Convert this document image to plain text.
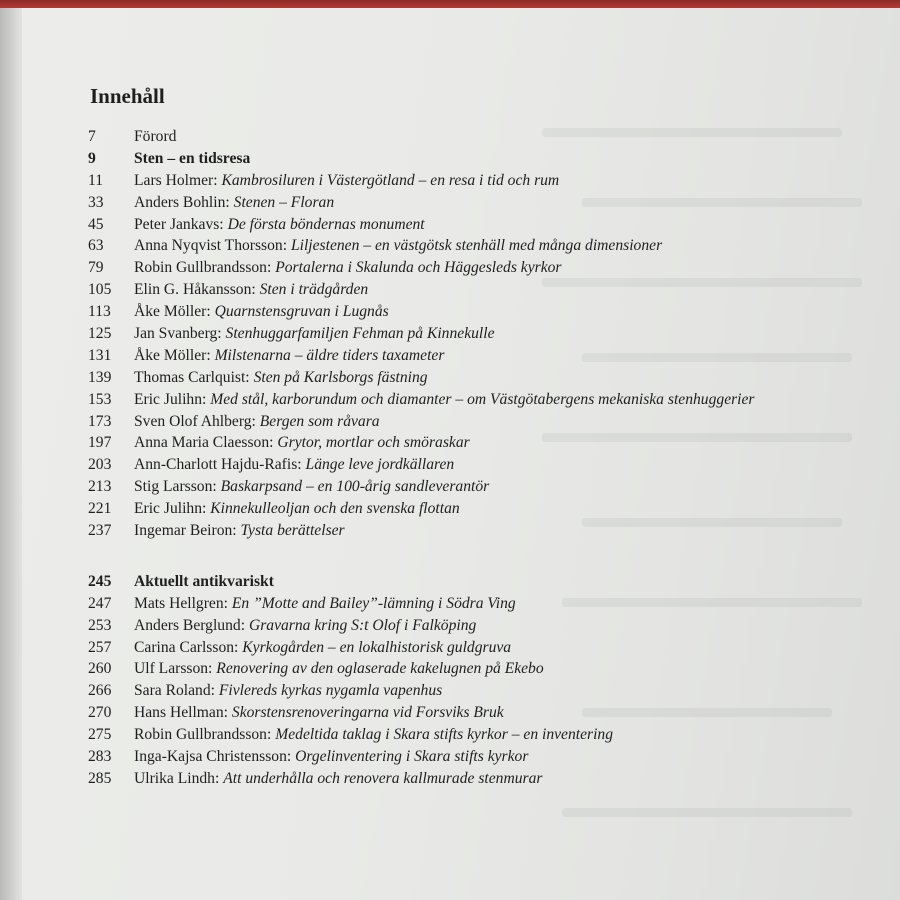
Innehåll
7 Förord
9 Sten – en tidsresa
11 Lars Holmer: Kambrosiluren i Västergötland – en resa i tid och rum
33 Anders Bohlin: Stenen – Floran
45 Peter Jankavs: De första böndernas monument
63 Anna Nyqvist Thorsson: Liljestenen – en västgötsk stenhäll med många dimensioner
79 Robin Gullbrandsson: Portalerna i Skalunda och Häggesleds kyrkor
105 Elin G. Håkansson: Sten i trädgården
113 Åke Möller: Quarnstensgruvan i Lugnås
125 Jan Svanberg: Stenhuggarfamiljen Fehman på Kinnekulle
131 Åke Möller: Milstenarna – äldre tiders taxameter
139 Thomas Carlquist: Sten på Karlsborgs fästning
153 Eric Julihn: Med stål, karborundum och diamanter – om Västgötabergens mekaniska stenhuggerier
173 Sven Olof Ahlberg: Bergen som råvara
197 Anna Maria Claesson: Grytor, mortlar och smöraskar
203 Ann-Charlott Hajdu-Rafis: Länge leve jordkällaren
213 Stig Larsson: Baskarpsand – en 100-årig sandleverantör
221 Eric Julihn: Kinnekulleoljan och den svenska flottan
237 Ingemar Beiron: Tysta berättelser
245 Aktuellt antikvariskt
247 Mats Hellgren: En ”Motte and Bailey”-lämning i Södra Ving
253 Anders Berglund: Gravarna kring S:t Olof i Falköping
257 Carina Carlsson: Kyrkogården – en lokalhistorisk guldgruva
260 Ulf Larsson: Renovering av den oglaserade kakelugnen på Ekebo
266 Sara Roland: Fivlereds kyrkas nygamla vapenhus
270 Hans Hellman: Skorstensrenoveringarna vid Forsviks Bruk
275 Robin Gullbrandsson: Medeltida taklag i Skara stifts kyrkor – en inventering
283 Inga-Kajsa Christensson: Orgelinventering i Skara stifts kyrkor
285 Ulrika Lindh: Att underhålla och renovera kallmurade stenmurar
